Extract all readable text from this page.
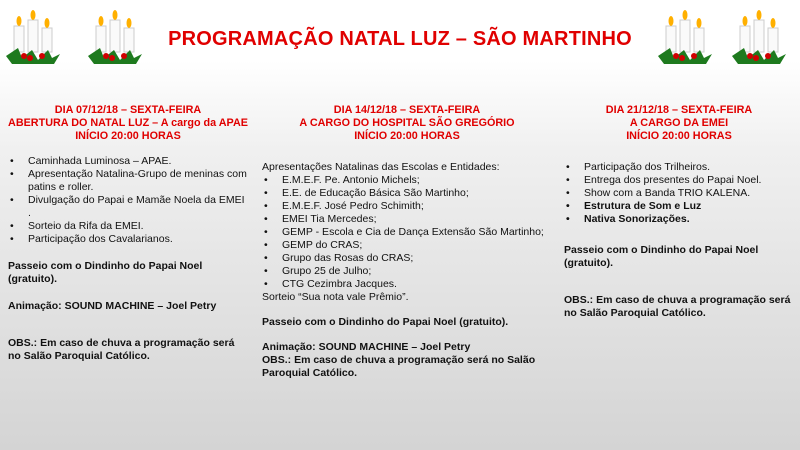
PROGRAMAÇÃO NATAL LUZ – SÃO MARTINHO
DIA 07/12/18 – SEXTA-FEIRA
ABERTURA DO NATAL LUZ – A cargo da APAE
INÍCIO 20:00 HORAS
• Caminhada Luminosa – APAE.
• Apresentação Natalina-Grupo de meninas com patins e roller.
• Divulgação do Papai e Mamãe Noela da EMEI .
• Sorteio da Rifa da EMEI.
• Participação dos Cavalarianos.
Passeio com o Dindinho do Papai Noel (gratuito).
Animação: SOUND MACHINE – Joel Petry
OBS.: Em caso de chuva a programação será no Salão Paroquial Católico.
DIA 14/12/18 – SEXTA-FEIRA
A CARGO DO HOSPITAL SÃO GREGÓRIO
INÍCIO 20:00 HORAS
Apresentações Natalinas das Escolas e Entidades:
• E.M.E.F. Pe. Antonio Michels;
• E.E. de Educação Básica São Martinho;
• E.M.E.F. José Pedro Schimith;
• EMEI Tia Mercedes;
• GEMP - Escola e Cia de Dança Extensão São Martinho;
• GEMP do CRAS;
• Grupo das Rosas do CRAS;
• Grupo 25 de Julho;
• CTG Cezimbra Jacques.
Sorteio “Sua nota vale Prêmio”.
Passeio com o Dindinho do Papai Noel (gratuito).
Animação: SOUND MACHINE – Joel Petry
OBS.: Em caso de chuva a programação será no Salão Paroquial Católico.
DIA 21/12/18 – SEXTA-FEIRA
A CARGO DA EMEI
INÍCIO 20:00 HORAS
• Participação dos Trilheiros.
• Entrega dos presentes do Papai Noel.
• Show com a Banda TRIO KALENA.
• Estrutura de Som e Luz
• Nativa Sonorizações.
Passeio com o Dindinho do Papai Noel (gratuito).
OBS.: Em caso de chuva a programação será no Salão Paroquial Católico.
